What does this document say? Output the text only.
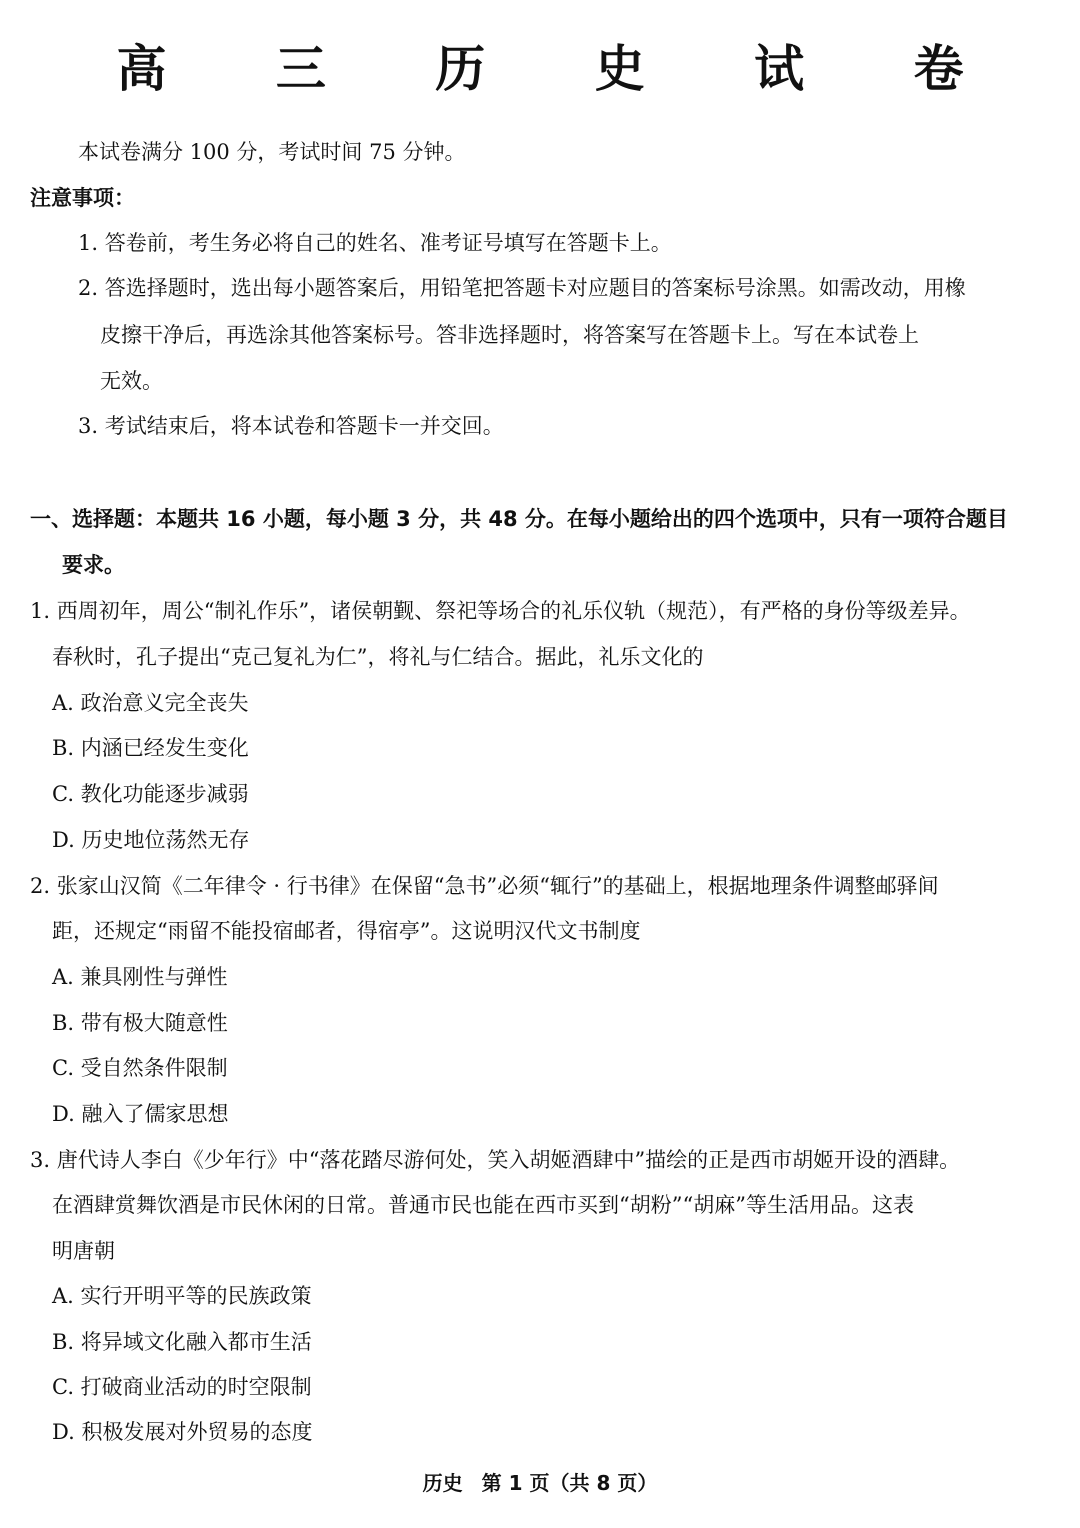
高 三 历 史 试 卷
本试卷满分 100 分，考试时间 75 分钟。
注意事项：
1. 答卷前，考生务必将自己的姓名、准考证号填写在答题卡上。
2. 答选择题时，选出每小题答案后，用铅笔把答题卡对应题目的答案标号涂黑。如需改动，用橡
皮擦干净后，再选涂其他答案标号。答非选择题时，将答案写在答题卡上。写在本试卷上
无效。
3. 考试结束后，将本试卷和答题卡一并交回。
一、选择题：本题共 16 小题，每小题 3 分，共 48 分。在每小题给出的四个选项中，只有一项符合题目
要求。
1. 西周初年，周公“制礼作乐”，诸侯朝觐、祭祀等场合的礼乐仪轨（规范），有严格的身份等级差异。
春秋时，孔子提出“克己复礼为仁”，将礼与仁结合。据此，礼乐文化的
A. 政治意义完全丧失
B. 内涵已经发生变化
C. 教化功能逐步减弱
D. 历史地位荡然无存
2. 张家山汉简《二年律令 · 行书律》在保留“急书”必须“辄行”的基础上，根据地理条件调整邮驿间
距，还规定“雨留不能投宿邮者，得宿亭”。这说明汉代文书制度
A. 兼具刚性与弹性
B. 带有极大随意性
C. 受自然条件限制
D. 融入了儒家思想
3. 唐代诗人李白《少年行》中“落花踏尽游何处，笑入胡姬酒肆中”描绘的正是西市胡姬开设的酒肆。
在酒肆赏舞饮酒是市民休闲的日常。普通市民也能在西市买到“胡粉”“胡麻”等生活用品。这表
明唐朝
A. 实行开明平等的民族政策
B. 将异域文化融入都市生活
C. 打破商业活动的时空限制
D. 积极发展对外贸易的态度
历史 第 1 页（共 8 页）
